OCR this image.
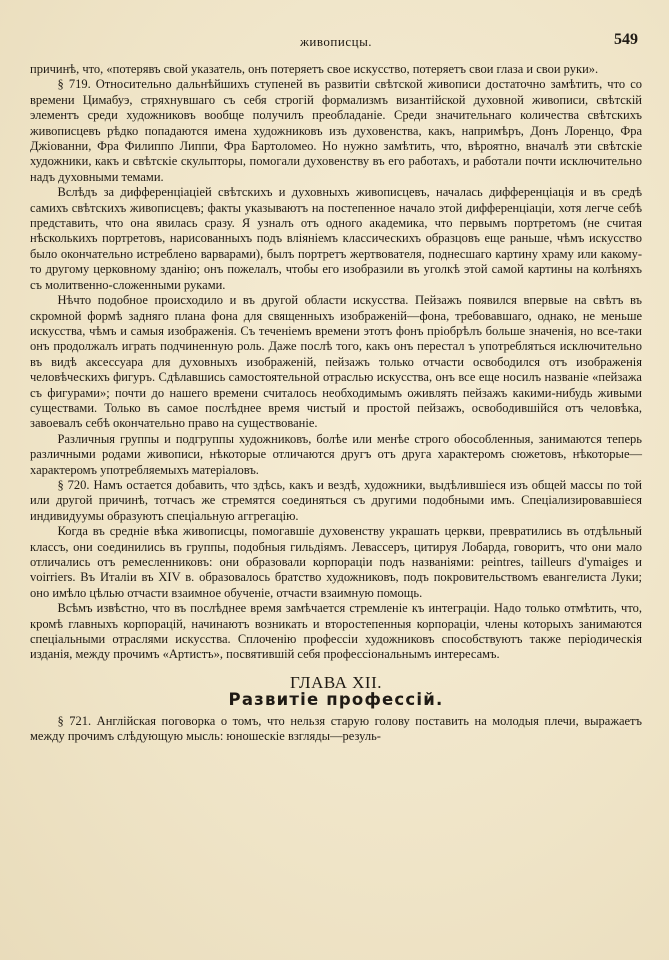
живописцы.	549

причинѣ, что, «потерявъ свой указатель, онъ потеряетъ свое искусство, потеряетъ свои глаза и свои руки».

§ 719. Относительно дальнѣйшихъ ступеней въ развитіи свѣтской живописи достаточно замѣтить, что со времени Цимабуэ, стряхнувшаго съ себя строгій формализмъ византійской духовной живописи, свѣтскій элементъ среди художниковъ вообще получилъ преобладаніе. Среди значительнаго количества свѣтскихъ живописцевъ рѣдко попадаются имена художниковъ изъ духовенства, какъ, напримѣръ, Донъ Лоренцо, Фра Джіованни, Фра Филиппо Липпи, Фра Бартоломео. Но нужно замѣтить, что, вѣроятно, вначалѣ эти свѣтскіе художники, какъ и свѣтскіе скульпторы, помогали духовенству въ его работахъ, и работали почти исключительно надъ духовными темами.

Вслѣдъ за дифференціаціей свѣтскихъ и духовныхъ живописцевъ, началась дифференціація и въ средѣ самихъ свѣтскихъ живописцевъ; факты указываютъ на постепенное начало этой дифференціаціи, хотя легче себѣ представить, что она явилась сразу. Я узналъ отъ одного академика, что первымъ портретомъ (не считая нѣсколькихъ портретовъ, нарисованныхъ подъ вліяніемъ классическихъ образцовъ еще раньше, чѣмъ искусство было окончательно истреблено варварами), былъ портретъ жертвователя, поднесшаго картину храму или какому-то другому церковному зданію; онъ пожелалъ, чтобы его изобразили въ уголкѣ этой самой картины на колѣняхъ съ молитвенно-сложенными руками.

Нѣчто подобное происходило и въ другой области искусства. Пейзажъ появился впервые на свѣтъ въ скромной формѣ задняго плана фона для священныхъ изображеній—фона, требовавшаго, однако, не меньше искусства, чѣмъ и самыя изображенія. Съ теченіемъ времени этотъ фонъ пріобрѣлъ больше значенія, но все-таки онъ продолжалъ играть подчиненную роль. Даже послѣ того, какъ онъ перестал ъ употребляться исключительно въ видѣ аксессуара для духовныхъ изображеній, пейзажъ только отчасти освободился отъ изображенія человѣческихъ фигуръ. Сдѣлавшись самостоятельной отраслью искусства, онъ все еще носилъ названіе «пейзажа съ фигурами»; почти до нашего времени считалось необходимымъ оживлять пейзажъ какими-нибудь живыми существами. Только въ самое послѣднее время чистый и простой пейзажъ, освободившійся отъ человѣка, завоевалъ себѣ окончательно право на существованіе.

Различныя группы и подгруппы художниковъ, болѣе или менѣе строго обособленныя, занимаются теперь различными родами живописи, нѣкоторые отличаются другъ отъ друга характеромъ сюжетовъ, нѣкоторые—характеромъ употребляемыхъ матеріаловъ.

§ 720. Намъ остается добавить, что здѣсь, какъ и вездѣ, художники, выдѣлившіеся изъ общей массы по той или другой причинѣ, тотчасъ же стремятся соединяться съ другими подобными имъ. Спеціализировавшіеся индивидуумы образуютъ спеціальную аггрегацію.

Когда въ средніе вѣка живописцы, помогавшіе духовенству украшать церкви, превратились въ отдѣльный классъ, они соединились въ группы, подобныя гильдіямъ. Левассеръ, цитируя Лобарда, говоритъ, что они мало отличались отъ ремесленниковъ: они образовали корпораціи подъ названіями: peintres, tailleurs d'ymaiges и voirriers. Въ Италіи въ XIV в. образовалось братство художниковъ, подъ покровительствомъ евангелиста Луки; оно имѣло цѣлью отчасти взаимное обученіе, отчасти взаимную помощь.

Всѣмъ извѣстно, что въ послѣднее время замѣчается стремленіе къ интеграціи. Надо только отмѣтить, что, кромѣ главныхъ корпорацій, начинаютъ возникать и второстепенныя корпораціи, члены которыхъ занимаются спеціальными отраслями искусства. Сплоченію профессіи художниковъ способствуютъ также періодическія изданія, между прочимъ «Артистъ», посвятившій себя профессіональнымъ интересамъ.

ГЛАВА XII.
Развитіе профессій.

§ 721. Англійская поговорка о томъ, что нельзя старую голову поставить на молодыя плечи, выражаетъ между прочимъ слѣдующую мысль: юношескіе взгляды—резуль-
